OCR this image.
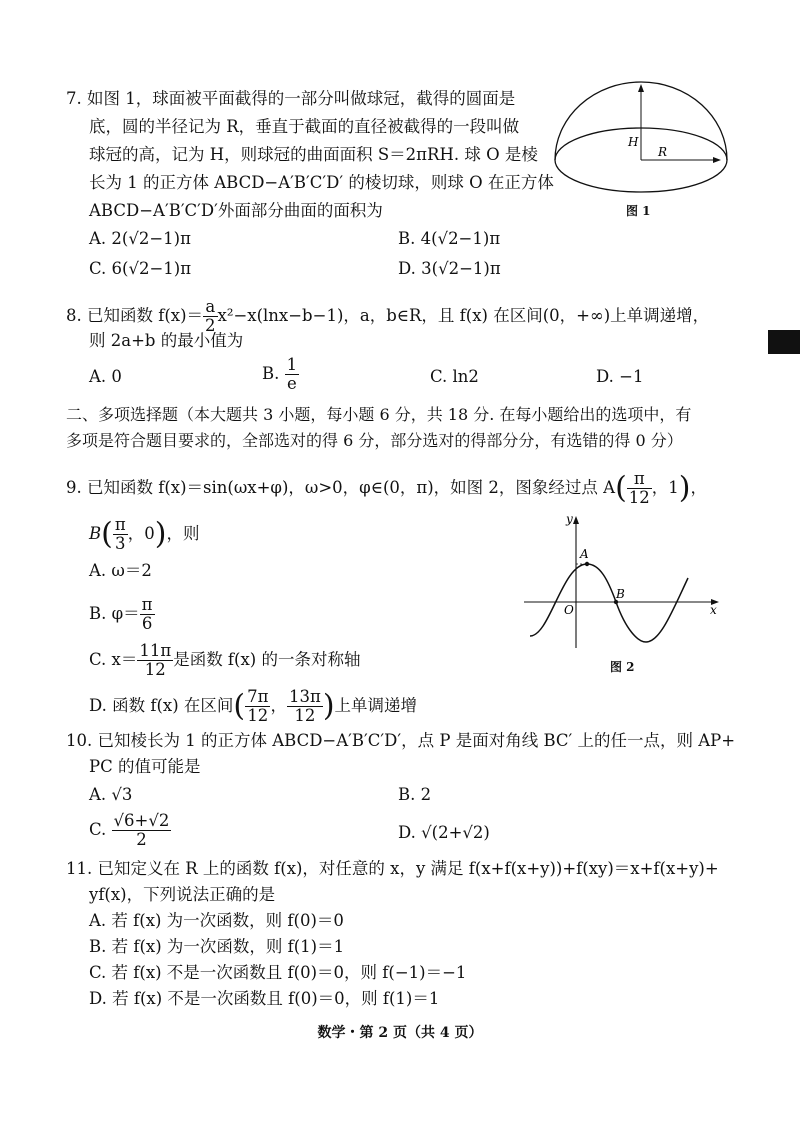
7. 如图 1，球面被平面截得的一部分叫做球冠，截得的圆面是
底，圆的半径记为 R，垂直于截面的直径被截得的一段叫做
球冠的高，记为 H，则球冠的曲面面积 S＝2πRH. 球 O 是棱
长为 1 的正方体 ABCD−A′B′C′D′ 的棱切球，则球 O 在正方体
ABCD−A′B′C′D′外面部分曲面的面积为
A. 2(√2−1)π	B. 4(√2−1)π
C. 6(√2−1)π	D. 3(√2−1)π
H
R
图 1
8. 已知函数 $f(x)= \frac{a}{2} x^2-x(\ln x-b-1)$，a，b∈R，且 f(x) 在区间(0，+∞)上单调递增，
则 2a+b 的最小值为
A. 0	B. $\frac{1}{e}$	C. ln2	D. −1
二、多项选择题（本大题共 3 小题，每小题 6 分，共 18 分. 在每小题给出的选项中，有
多项是符合题目要求的，全部选对的得 6 分，部分选对的得部分分，有选错的得 0 分）
9. 已知函数 f(x)＝sin(ωx+φ)，ω>0，φ∈(0，π)，如图 2，图象经过点 $A( \frac{\pi}{12}$ ，1)，
$B( \frac{\pi}{3}$ ，0)，则
A. ω＝2
B. $\varphi= \frac{\pi}{6}$
C. $x= \frac{11\pi}{12}$ 是函数 f(x) 的一条对称轴
D. 函数 f(x) 在区间( $\frac{7\pi}{12}$ ， $\frac{13\pi}{12}$ )上单调递增
y
x
O
A
B
图 2
10. 已知棱长为 1 的正方体 ABCD−A′B′C′D′，点 P 是面对角线 BC′ 上的任一点，则 AP+
PC 的值可能是
A. √3	B. 2
C. $\frac{√6+√2}{2}$	D. √(2+√2)
11. 已知定义在 R 上的函数 f(x)，对任意的 x，y 满足 f(x+f(x+y))+f(xy)＝x+f(x+y)+
yf(x)，下列说法正确的是
A. 若 f(x) 为一次函数，则 f(0)＝0
B. 若 f(x) 为一次函数，则 f(1)＝1
C. 若 f(x) 不是一次函数且 f(0)＝0，则 f(−1)＝−1
D. 若 f(x) 不是一次函数且 f(0)＝0，则 f(1)＝1
数学・第 2 页（共 4 页）
